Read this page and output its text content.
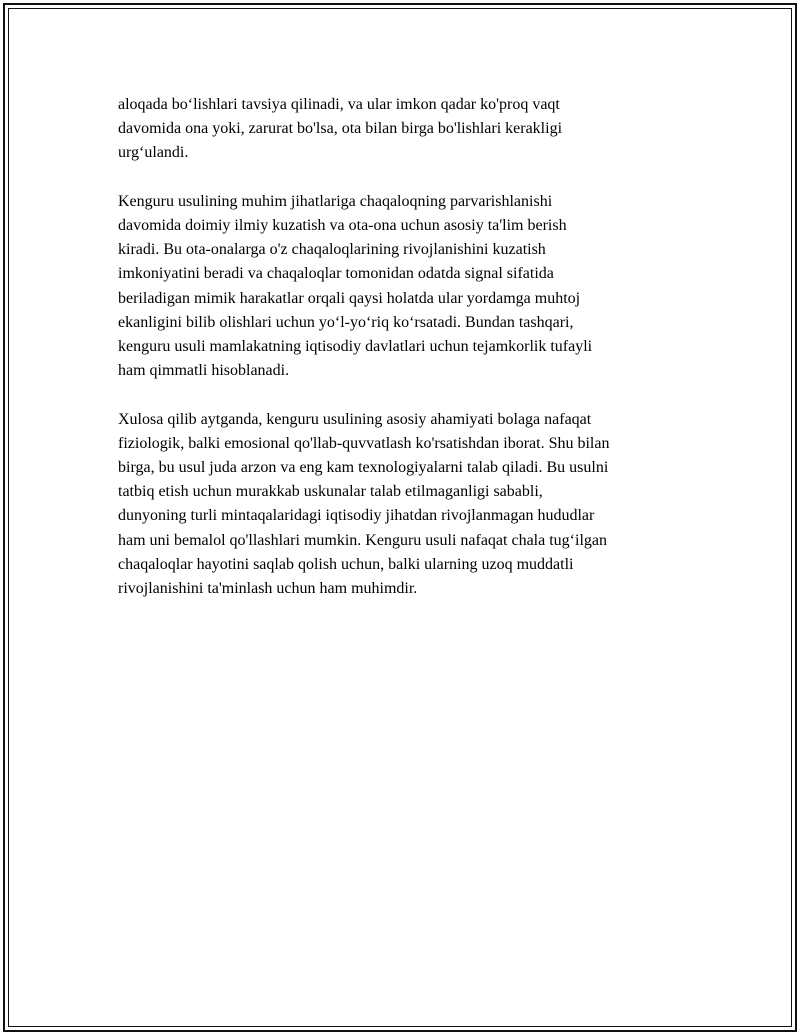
aloqada bo‘lishlari tavsiya qilinadi, va ular imkon qadar ko'proq vaqt
davomida ona yoki, zarurat bo'lsa, ota bilan birga bo'lishlari kerakligi
urg‘ulandi.

Kenguru usulining muhim jihatlariga chaqaloqning parvarishlanishi
davomida doimiy ilmiy kuzatish va ota-ona uchun asosiy ta'lim berish
kiradi. Bu ota-onalarga o'z chaqaloqlarining rivojlanishini kuzatish
imkoniyatini beradi va chaqaloqlar tomonidan odatda signal sifatida
beriladigan mimik harakatlar orqali qaysi holatda ular yordamga muhtoj
ekanligini bilib olishlari uchun yo‘l-yo‘riq ko‘rsatadi. Bundan tashqari,
kenguru usuli mamlakatning iqtisodiy davlatlari uchun tejamkorlik tufayli
ham qimmatli hisoblanadi.

Xulosa qilib aytganda, kenguru usulining asosiy ahamiyati bolaga nafaqat
fiziologik, balki emosional qo'llab-quvvatlash ko'rsatishdan iborat. Shu bilan
birga, bu usul juda arzon va eng kam texnologiyalarni talab qiladi. Bu usulni
tatbiq etish uchun murakkab uskunalar talab etilmaganligi sababli,
dunyoning turli mintaqalaridagi iqtisodiy jihatdan rivojlanmagan hududlar
ham uni bemalol qo'llashlari mumkin. Kenguru usuli nafaqat chala tug‘ilgan
chaqaloqlar hayotini saqlab qolish uchun, balki ularning uzoq muddatli
rivojlanishini ta'minlash uchun ham muhimdir.
